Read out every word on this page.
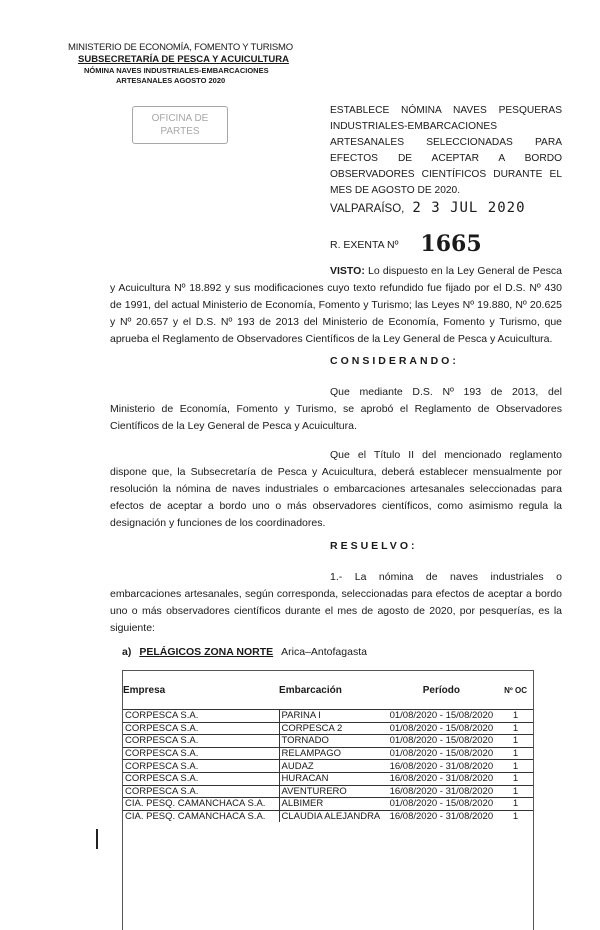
MINISTERIO DE ECONOMÍA, FOMENTO Y TURISMO
SUBSECRETARÍA DE PESCA Y ACUICULTURA
NÓMINA NAVES INDUSTRIALES-EMBARCACIONES
ARTESANALES AGOSTO 2020
OFICINA DE
PARTES
ESTABLECE NÓMINA NAVES PESQUERAS INDUSTRIALES-EMBARCACIONES ARTESANALES SELECCIONADAS PARA EFECTOS DE ACEPTAR A BORDO OBSERVADORES CIENTÍFICOS DURANTE EL MES DE AGOSTO DE 2020.
VALPARAÍSO, 2 3 JUL 2020
R. EXENTA Nº 1665
VISTO: Lo dispuesto en la Ley General de Pesca y Acuicultura Nº 18.892 y sus modificaciones cuyo texto refundido fue fijado por el D.S. Nº 430 de 1991, del actual Ministerio de Economía, Fomento y Turismo; las Leyes Nº 19.880, Nº 20.625 y Nº 20.657 y el D.S. Nº 193 de 2013 del Ministerio de Economía, Fomento y Turismo, que aprueba el Reglamento de Observadores Científicos de la Ley General de Pesca y Acuicultura.
CONSIDERANDO:
Que mediante D.S. Nº 193 de 2013, del Ministerio de Economía, Fomento y Turismo, se aprobó el Reglamento de Observadores Científicos de la Ley General de Pesca y Acuicultura.
Que el Título II del mencionado reglamento dispone que, la Subsecretaría de Pesca y Acuicultura, deberá establecer mensualmente por resolución la nómina de naves industriales o embarcaciones artesanales seleccionadas para efectos de aceptar a bordo uno o más observadores científicos, como asimismo regula la designación y funciones de los coordinadores.
RESUELVO:
1.- La nómina de naves industriales o embarcaciones artesanales, según corresponda, seleccionadas para efectos de aceptar a bordo uno o más observadores científicos durante el mes de agosto de 2020, por pesquerías, es la siguiente:
a) PELÁGICOS ZONA NORTE Arica–Antofagasta
Empresa	Embarcación	Período	Nº OC
CORPESCA S.A.	PARINA I	01/08/2020 - 15/08/2020	1
CORPESCA S.A.	CORPESCA 2	01/08/2020 - 15/08/2020	1
CORPESCA S.A.	TORNADO	01/08/2020 - 15/08/2020	1
CORPESCA S.A.	RELAMPAGO	01/08/2020 - 15/08/2020	1
CORPESCA S.A.	AUDAZ	16/08/2020 - 31/08/2020	1
CORPESCA S.A.	HURACAN	16/08/2020 - 31/08/2020	1
CORPESCA S.A.	AVENTURERO	16/08/2020 - 31/08/2020	1
CIA. PESQ. CAMANCHACA S.A.	ALBIMER	01/08/2020 - 15/08/2020	1
CIA. PESQ. CAMANCHACA S.A.	CLAUDIA ALEJANDRA	16/08/2020 - 31/08/2020	1
